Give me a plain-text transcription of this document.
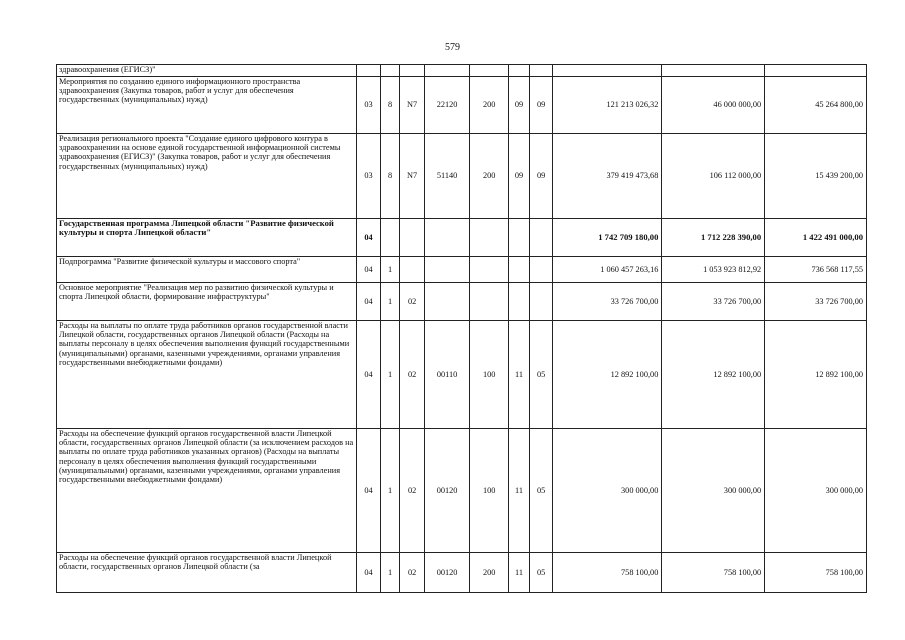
579
здравоохранения (ЕГИСЗ)"										
Мероприятия по созданию единого информационного пространства здравоохранения (Закупка товаров, работ и услуг для обеспечения государственных (муниципальных) нужд)	03	8	N7	22120	200	09	09	121 213 026,32	46 000 000,00	45 264 800,00
Реализация регионального проекта "Создание единого цифрового контура в здравоохранении на основе единой государственной информационной системы здравоохранения (ЕГИСЗ)" (Закупка товаров, работ и услуг для обеспечения государственных (муниципальных) нужд)	03	8	N7	51140	200	09	09	379 419 473,68	106 112 000,00	15 439 200,00
Государственная программа Липецкой области "Развитие физической культуры и спорта Липецкой области"	04							1 742 709 180,00	1 712 228 390,00	1 422 491 000,00
Подпрограмма "Развитие физической культуры и массового спорта"	04	1						1 060 457 263,16	1 053 923 812,92	736 568 117,55
Основное мероприятие "Реализация мер по развитию физической культуры и спорта Липецкой области, формирование инфраструктуры"	04	1	02					33 726 700,00	33 726 700,00	33 726 700,00
Расходы на выплаты по оплате труда работников органов государственной власти Липецкой области, государственных органов Липецкой области (Расходы на выплаты персоналу в целях обеспечения выполнения функций государственными (муниципальными) органами, казенными учреждениями, органами управления государственными внебюджетными фондами)	04	1	02	00110	100	11	05	12 892 100,00	12 892 100,00	12 892 100,00
Расходы на обеспечение функций органов государственной власти Липецкой области, государственных органов Липецкой области (за исключением расходов на выплаты по оплате труда работников указанных органов) (Расходы на выплаты персоналу в целях обеспечения выполнения функций государственными (муниципальными) органами, казенными учреждениями, органами управления государственными внебюджетными фондами)	04	1	02	00120	100	11	05	300 000,00	300 000,00	300 000,00
Расходы на обеспечение функций органов государственной власти Липецкой области, государственных органов Липецкой области (за	04	1	02	00120	200	11	05	758 100,00	758 100,00	758 100,00
